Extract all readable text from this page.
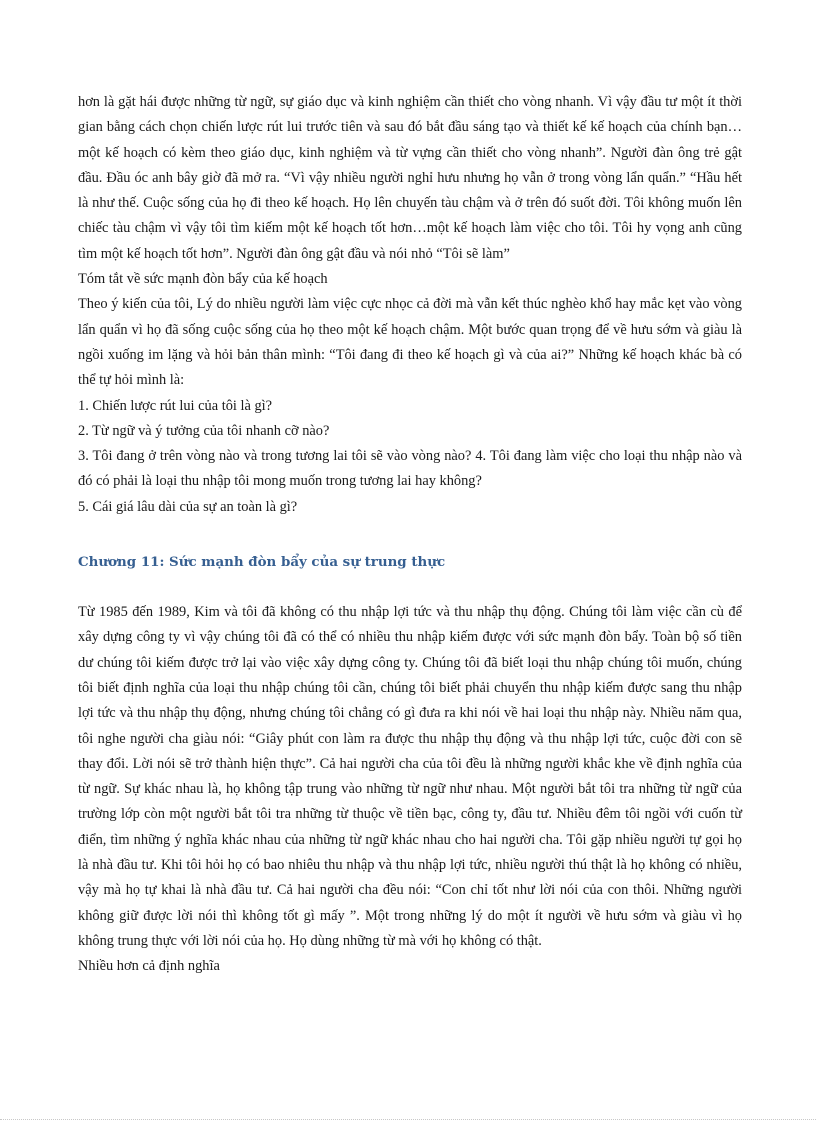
hơn là gặt hái được những từ ngữ, sự giáo dục và kinh nghiệm cần thiết cho vòng nhanh. Vì vậy đầu tư một ít thời gian bằng cách chọn chiến lược rút lui trước tiên và sau đó bắt đầu sáng tạo và thiết kế kế hoạch của chính bạn…một kế hoạch có kèm theo giáo dục, kinh nghiệm và từ vựng cần thiết cho vòng nhanh”. Người đàn ông trẻ gật đầu. Đầu óc anh bây giờ đã mở ra. “Vì vậy nhiều người nghỉ hưu nhưng họ vẫn ở trong vòng lẩn quẩn.” “Hầu hết là như thế. Cuộc sống của họ đi theo kế hoạch. Họ lên chuyến tàu chậm và ở trên đó suốt đời. Tôi không muốn lên chiếc tàu chậm vì vậy tôi tìm kiếm một kế hoạch tốt hơn…một kế hoạch làm việc cho tôi. Tôi hy vọng anh cũng tìm một kế hoạch tốt hơn”. Người đàn ông gật đầu và nói nhỏ “Tôi sẽ làm”

Tóm tắt về sức mạnh đòn bẩy của kế hoạch

Theo ý kiến của tôi, Lý do nhiều người làm việc cực nhọc cả đời mà vẫn kết thúc nghèo khổ hay mắc kẹt vào vòng lẩn quẩn vì họ đã sống cuộc sống của họ theo một kế hoạch chậm. Một bước quan trọng để về hưu sớm và giàu là ngồi xuống im lặng và hỏi bản thân mình: “Tôi đang đi theo kế hoạch gì và của ai?” Những kế hoạch khác bà có thể tự hỏi mình là:

1. Chiến lược rút lui của tôi là gì?

2. Từ ngữ và ý tưởng của tôi nhanh cỡ nào?

3. Tôi đang ở trên vòng nào và trong tương lai tôi sẽ vào vòng nào? 4. Tôi đang làm việc cho loại thu nhập nào và đó có phải là loại thu nhập tôi mong muốn trong tương lai hay không?

5. Cái giá lâu dài của sự an toàn là gì?

Chương 11: Sức mạnh đòn bẩy của sự trung thực

Từ 1985 đến 1989, Kim và tôi đã không có thu nhập lợi tức và thu nhập thụ động. Chúng tôi làm việc cần cù để xây dựng công ty vì vậy chúng tôi đã có thể có nhiều thu nhập kiếm được với sức mạnh đòn bẩy. Toàn bộ số tiền dư chúng tôi kiếm được trở lại vào việc xây dựng công ty. Chúng tôi đã biết loại thu nhập chúng tôi muốn, chúng tôi biết định nghĩa của loại thu nhập chúng tôi cần, chúng tôi biết phải chuyển thu nhập kiếm được sang thu nhập lợi tức và thu nhập thụ động, nhưng chúng tôi chẳng có gì đưa ra khi nói về hai loại thu nhập này. Nhiều năm qua, tôi nghe người cha giàu nói: “Giây phút con làm ra được thu nhập thụ động và thu nhập lợi tức, cuộc đời con sẽ thay đổi. Lời nói sẽ trở thành hiện thực”. Cả hai người cha của tôi đều là những người khắc khe về định nghĩa của từ ngữ. Sự khác nhau là, họ không tập trung vào những từ ngữ như nhau. Một người bắt tôi tra những từ ngữ của trường lớp còn một người bắt tôi tra những từ thuộc về tiền bạc, công ty, đầu tư. Nhiều đêm tôi ngồi với cuốn từ điển, tìm những ý nghĩa khác nhau của những từ ngữ khác nhau cho hai người cha. Tôi gặp nhiều người tự gọi họ là nhà đầu tư. Khi tôi hỏi họ có bao nhiêu thu nhập và thu nhập lợi tức, nhiều người thú thật là họ không có nhiều, vậy mà họ tự khai là nhà đầu tư. Cả hai người cha đều nói: “Con chỉ tốt như lời nói của con thôi. Những người không giữ được lời nói thì không tốt gì mấy ”. Một trong những lý do một ít người về hưu sớm và giàu vì họ không trung thực với lời nói của họ. Họ dùng những từ mà với họ không có thật.

Nhiều hơn cả định nghĩa
